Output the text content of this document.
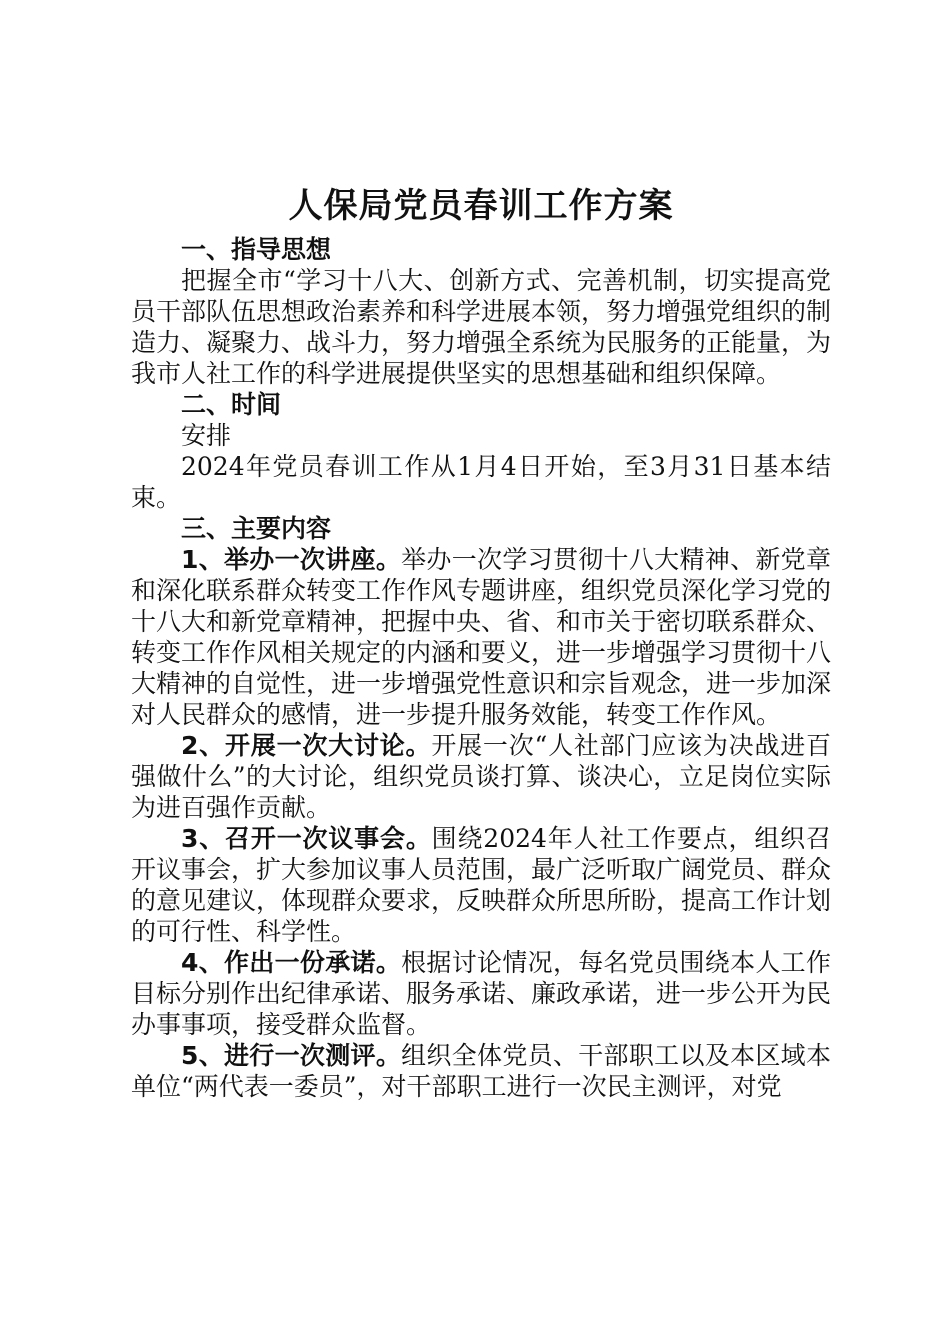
人保局党员春训工作方案

一、指导思想

把握全市“学习十八大、创新方式、完善机制，切实提高党员干部队伍思想政治素养和科学进展本领，努力增强党组织的制造力、凝聚力、战斗力，努力增强全系统为民服务的正能量，为我市人社工作的科学进展提供坚实的思想基础和组织保障。

二、时间

安排

2024年党员春训工作从1月4日开始，至3月31日基本结束。

三、主要内容

1、举办一次讲座。举办一次学习贯彻十八大精神、新党章和深化联系群众转变工作作风专题讲座，组织党员深化学习党的十八大和新党章精神，把握中央、省、和市关于密切联系群众、转变工作作风相关规定的内涵和要义，进一步增强学习贯彻十八大精神的自觉性，进一步增强党性意识和宗旨观念，进一步加深对人民群众的感情，进一步提升服务效能，转变工作作风。

2、开展一次大讨论。开展一次“人社部门应该为决战进百强做什么”的大讨论，组织党员谈打算、谈决心，立足岗位实际为进百强作贡献。

3、召开一次议事会。围绕2024年人社工作要点，组织召开议事会，扩大参加议事人员范围，最广泛听取广阔党员、群众的意见建议，体现群众要求，反映群众所思所盼，提高工作计划的可行性、科学性。

4、作出一份承诺。根据讨论情况，每名党员围绕本人工作目标分别作出纪律承诺、服务承诺、廉政承诺，进一步公开为民办事事项，接受群众监督。

5、进行一次测评。组织全体党员、干部职工以及本区域本单位“两代表一委员”，对干部职工进行一次民主测评，对党
